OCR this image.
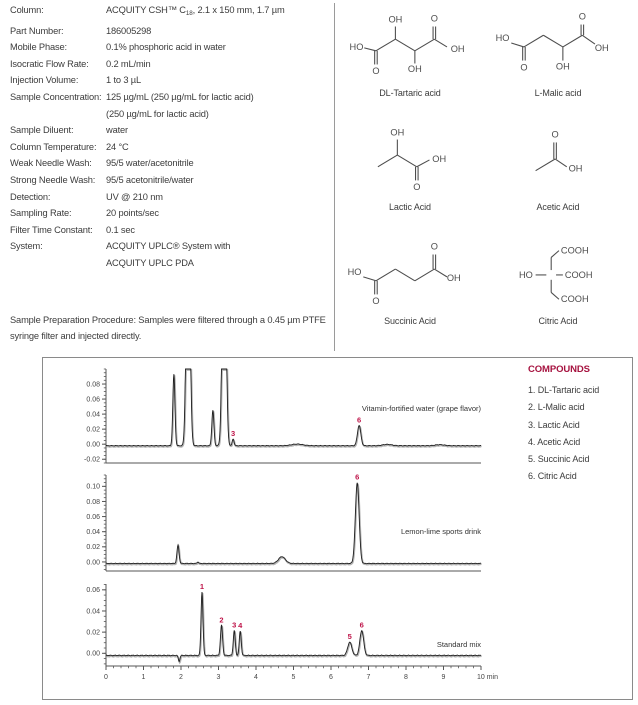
Column:	ACQUITY CSH™ $C_{18}$, 2.1 x 150 mm, 1.7 µm
Part Number:	186005298
Mobile Phase:	0.1% phosphoric acid in water
Isocratic Flow Rate:	0.2 mL/min
Injection Volume:	1 to 3 µL
Sample Concentration: 125 µg/mL (250 µg/mL for lactic acid)
(250 µg/mL for lactic acid)
Sample Diluent:	water
Column Temperature:	24 °C
Weak Needle Wash:	95/5 water/acetonitrile
Strong Needle Wash:	95/5 acetonitrile/water
Detection:	UV @ 210 nm
Sampling Rate:	20 points/sec
Filter Time Constant:	0.1 sec
System:	ACQUITY UPLC® System with
ACQUITY UPLC PDA
Sample Preparation Procedure: Samples were filtered through a 0.45 µm PTFE syringe filter and injected directly.
HO
O
OH
OH
O
OH
DL-Tartaric acid
HO
O	OH
O
OH
L-Malic acid
OH
O
OH
Lactic Acid
O
OH
Acetic Acid
HO
O
O
OH
Succinic Acid
HO	COOH
COOH
COOH
Citric Acid
-0.02
0.00
0.02
0.04
0.06
0.08
3
6
Vitamin-fortified water (grape flavor)
0.00
0.02
0.04
0.06
0.08
0.10
6
Lemon-lime sports drink
0.00
0.02
0.04
0.06
0	1	2	3	4	5	6	7	8	9	10 min
1
2
3 4
5
6
Standard mix
COMPOUNDS
1. DL-Tartaric acid
2. L-Malic acid
3. Lactic Acid
4. Acetic Acid
5. Succinic Acid
6. Citric Acid
